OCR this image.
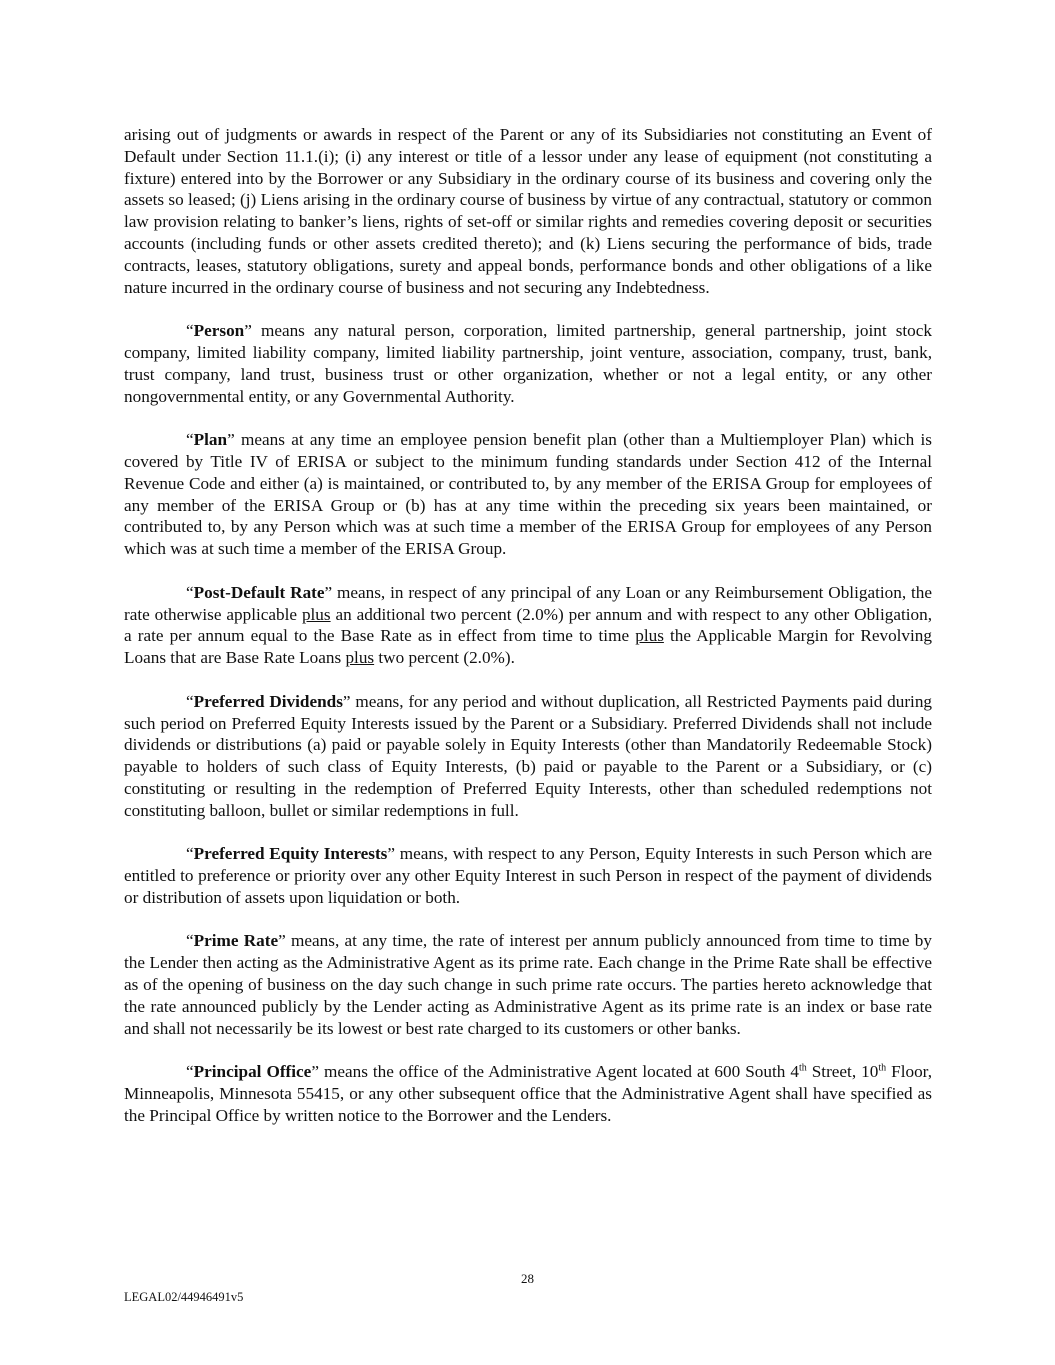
arising out of judgments or awards in respect of the Parent or any of its Subsidiaries not constituting an Event of Default under Section 11.1.(i); (i) any interest or title of a lessor under any lease of equipment (not constituting a fixture) entered into by the Borrower or any Subsidiary in the ordinary course of its business and covering only the assets so leased; (j) Liens arising in the ordinary course of business by virtue of any contractual, statutory or common law provision relating to banker’s liens, rights of set-off or similar rights and remedies covering deposit or securities accounts (including funds or other assets credited thereto); and (k) Liens securing the performance of bids, trade contracts, leases, statutory obligations, surety and appeal bonds, performance bonds and other obligations of a like nature incurred in the ordinary course of business and not securing any Indebtedness.

“Person” means any natural person, corporation, limited partnership, general partnership, joint stock company, limited liability company, limited liability partnership, joint venture, association, company, trust, bank, trust company, land trust, business trust or other organization, whether or not a legal entity, or any other nongovernmental entity, or any Governmental Authority.

“Plan” means at any time an employee pension benefit plan (other than a Multiemployer Plan) which is covered by Title IV of ERISA or subject to the minimum funding standards under Section 412 of the Internal Revenue Code and either (a) is maintained, or contributed to, by any member of the ERISA Group for employees of any member of the ERISA Group or (b) has at any time within the preceding six years been maintained, or contributed to, by any Person which was at such time a member of the ERISA Group for employees of any Person which was at such time a member of the ERISA Group.

“Post-Default Rate” means, in respect of any principal of any Loan or any Reimbursement Obligation, the rate otherwise applicable plus an additional two percent (2.0%) per annum and with respect to any other Obligation, a rate per annum equal to the Base Rate as in effect from time to time plus the Applicable Margin for Revolving Loans that are Base Rate Loans plus two percent (2.0%).

“Preferred Dividends” means, for any period and without duplication, all Restricted Payments paid during such period on Preferred Equity Interests issued by the Parent or a Subsidiary. Preferred Dividends shall not include dividends or distributions (a) paid or payable solely in Equity Interests (other than Mandatorily Redeemable Stock) payable to holders of such class of Equity Interests, (b) paid or payable to the Parent or a Subsidiary, or (c) constituting or resulting in the redemption of Preferred Equity Interests, other than scheduled redemptions not constituting balloon, bullet or similar redemptions in full.

“Preferred Equity Interests” means, with respect to any Person, Equity Interests in such Person which are entitled to preference or priority over any other Equity Interest in such Person in respect of the payment of dividends or distribution of assets upon liquidation or both.

“Prime Rate” means, at any time, the rate of interest per annum publicly announced from time to time by the Lender then acting as the Administrative Agent as its prime rate. Each change in the Prime Rate shall be effective as of the opening of business on the day such change in such prime rate occurs. The parties hereto acknowledge that the rate announced publicly by the Lender acting as Administrative Agent as its prime rate is an index or base rate and shall not necessarily be its lowest or best rate charged to its customers or other banks.

“Principal Office” means the office of the Administrative Agent located at 600 South 4th Street, 10th Floor, Minneapolis, Minnesota 55415, or any other subsequent office that the Administrative Agent shall have specified as the Principal Office by written notice to the Borrower and the Lenders.

28
LEGAL02/44946491v5
